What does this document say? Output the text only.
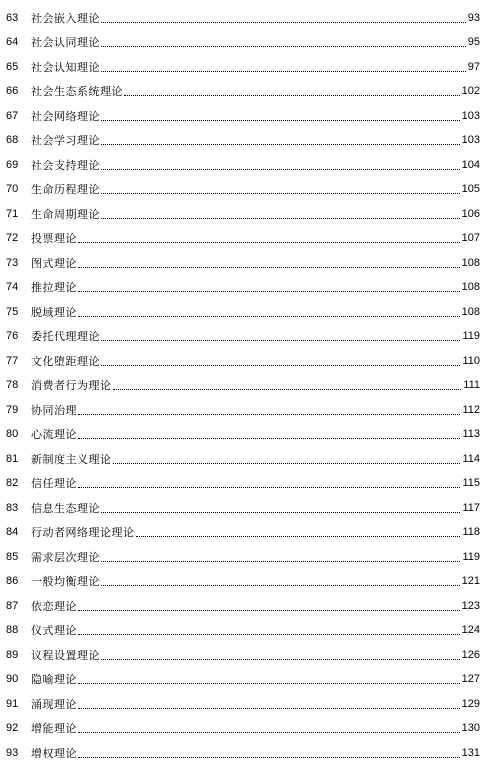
63	社会嵌入理论	93
64	社会认同理论	95
65	社会认知理论	97
66	社会生态系统理论	102
67	社会网络理论	103
68	社会学习理论	103
69	社会支持理论	104
70	生命历程理论	105
71	生命周期理论	106
72	投票理论	107
73	图式理论	108
74	推拉理论	108
75	脱域理论	108
76	委托代理理论	119
77	文化堕距理论	110
78	消费者行为理论	111
79	协同治理	112
80	心流理论	113
81	新制度主义理论	114
82	信任理论	115
83	信息生态理论	117
84	行动者网络理论理论	118
85	需求层次理论	119
86	一般均衡理论	121
87	依恋理论	123
88	仪式理论	124
89	议程设置理论	126
90	隐喻理论	127
91	涌现理论	129
92	增能理论	130
93	增权理论	131
